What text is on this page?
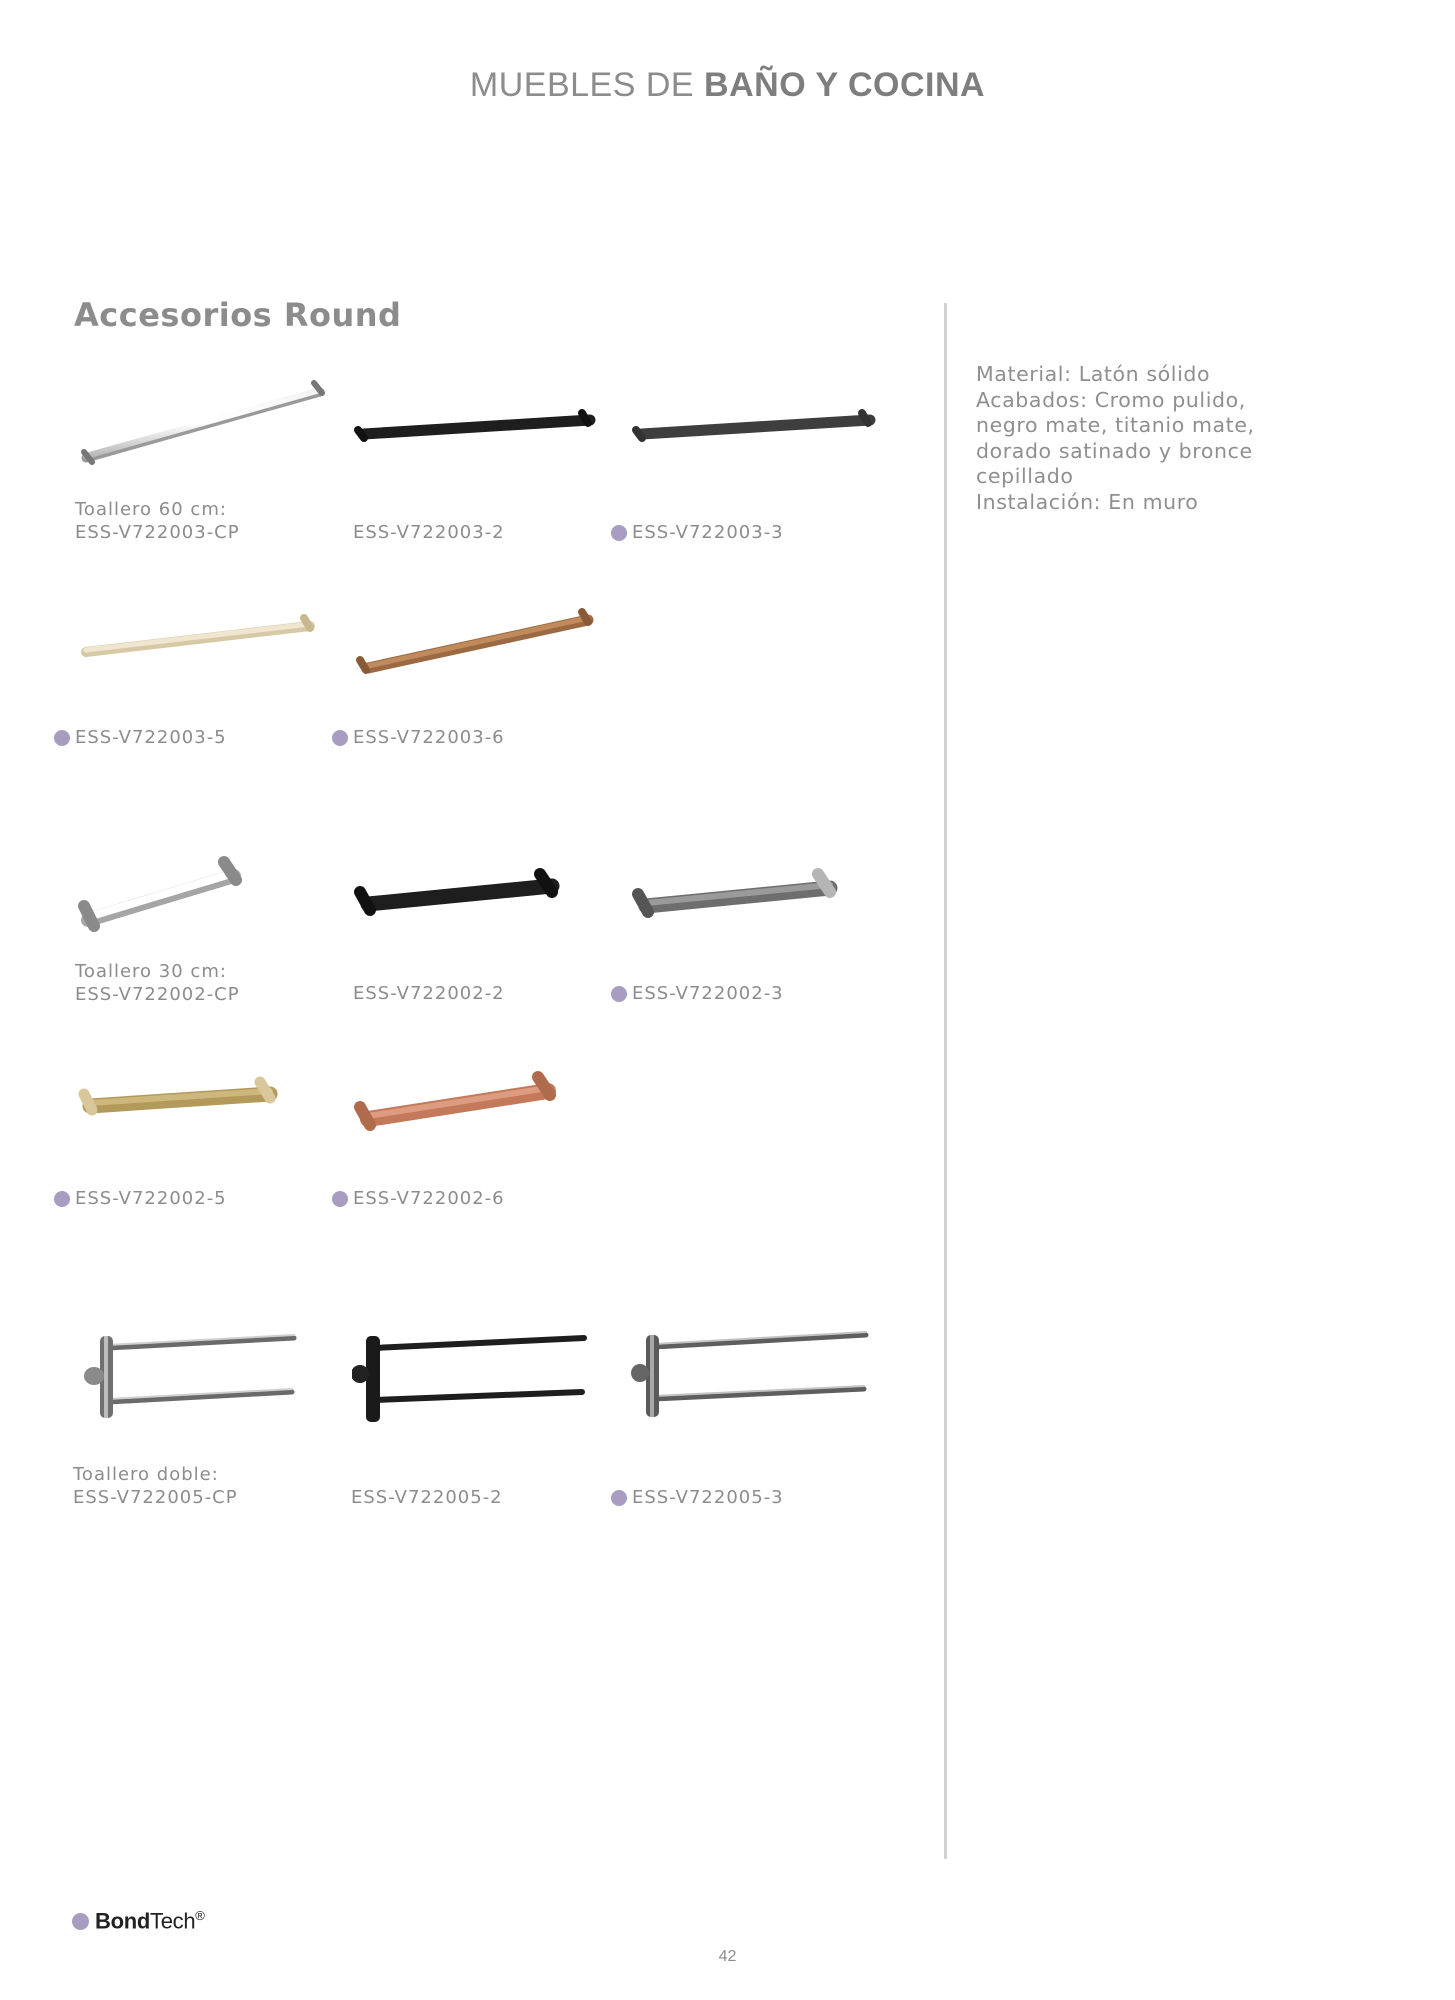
MUEBLES DE BAÑO Y COCINA
Accesorios Round
Material: Latón sólido
Acabados: Cromo pulido,
negro mate, titanio mate,
dorado satinado y bronce
cepillado
Instalación: En muro
Toallero 60 cm:
ESS-V722003-CP	ESS-V722003-2	ESS-V722003-3
ESS-V722003-5	ESS-V722003-6
Toallero 30 cm:
ESS-V722002-CP	ESS-V722002-2	ESS-V722002-3
ESS-V722002-5	ESS-V722002-6
Toallero doble:
ESS-V722005-CP	ESS-V722005-2	ESS-V722005-3
BondTech®
42
